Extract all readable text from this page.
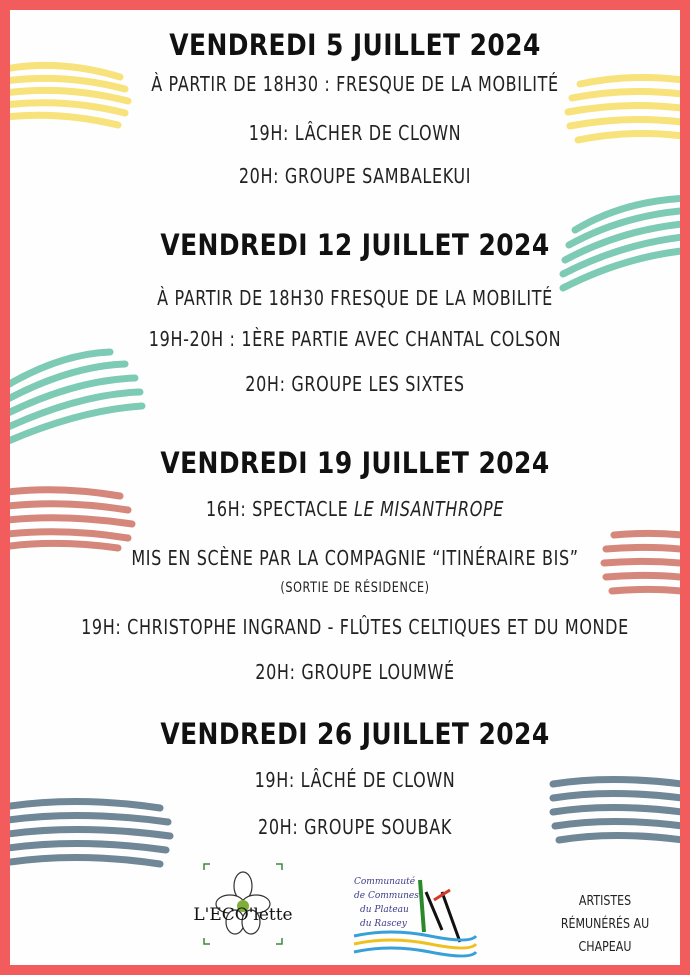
VENDREDI 5 JUILLET 2024
À PARTIR DE 18H30 : FRESQUE DE LA MOBILITÉ
19H: LÂCHER DE CLOWN
20H: GROUPE SAMBALEKUI
VENDREDI 12 JUILLET 2024
À PARTIR DE 18H30 FRESQUE DE LA MOBILITÉ
19H-20H : 1ÈRE PARTIE AVEC CHANTAL COLSON
20H: GROUPE LES SIXTES
VENDREDI 19 JUILLET 2024
16H: SPECTACLE LE MISANTHROPE
MIS EN SCÈNE PAR LA COMPAGNIE “ITINÉRAIRE BIS”
(SORTIE DE RÉSIDENCE)
19H: CHRISTOPHE INGRAND - FLÛTES CELTIQUES ET DU MONDE
20H: GROUPE LOUMWÉ
VENDREDI 26 JUILLET 2024
19H: LÂCHÉ DE CLOWN
20H: GROUPE SOUBAK
L'ECO'lette
Communauté
de Communes
du Plateau
du Rascey
ARTISTES
RÉMUNÉRÉS AU
CHAPEAU
